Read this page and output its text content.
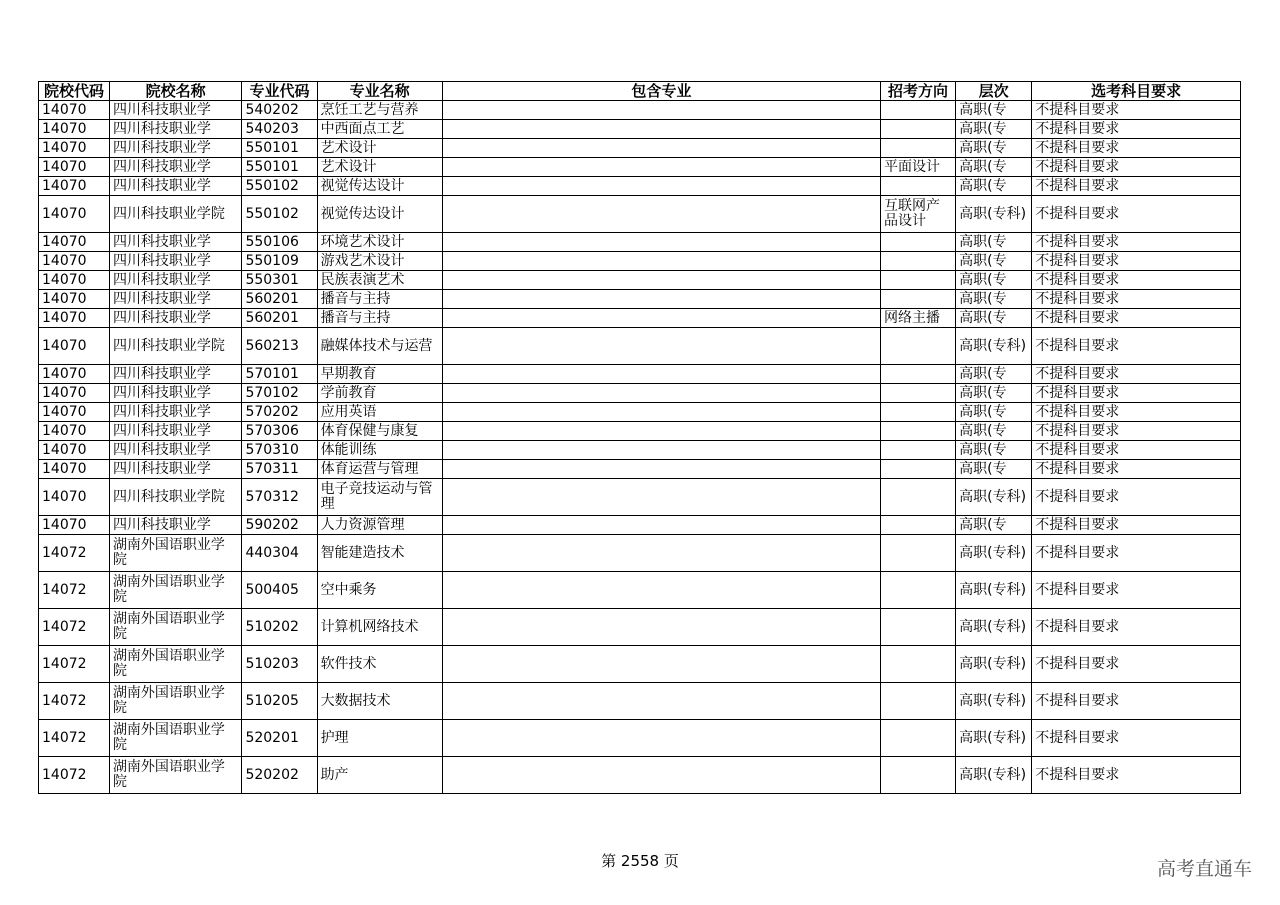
院校代码	院校名称	专业代码	专业名称	包含专业	招考方向	层次	选考科目要求
14070	四川科技职业学	540202	烹饪工艺与营养			高职(专	不提科目要求
14070	四川科技职业学	540203	中西面点工艺			高职(专	不提科目要求
14070	四川科技职业学	550101	艺术设计			高职(专	不提科目要求
14070	四川科技职业学	550101	艺术设计		平面设计	高职(专	不提科目要求
14070	四川科技职业学	550102	视觉传达设计			高职(专	不提科目要求
14070	四川科技职业学院	550102	视觉传达设计		互联网产品设计	高职(专科)	不提科目要求
14070	四川科技职业学	550106	环境艺术设计			高职(专	不提科目要求
14070	四川科技职业学	550109	游戏艺术设计			高职(专	不提科目要求
14070	四川科技职业学	550301	民族表演艺术			高职(专	不提科目要求
14070	四川科技职业学	560201	播音与主持			高职(专	不提科目要求
14070	四川科技职业学	560201	播音与主持		网络主播	高职(专	不提科目要求
14070	四川科技职业学院	560213	融媒体技术与运营			高职(专科)	不提科目要求
14070	四川科技职业学	570101	早期教育			高职(专	不提科目要求
14070	四川科技职业学	570102	学前教育			高职(专	不提科目要求
14070	四川科技职业学	570202	应用英语			高职(专	不提科目要求
14070	四川科技职业学	570306	体育保健与康复			高职(专	不提科目要求
14070	四川科技职业学	570310	体能训练			高职(专	不提科目要求
14070	四川科技职业学	570311	体育运营与管理			高职(专	不提科目要求
14070	四川科技职业学院	570312	电子竞技运动与管理			高职(专科)	不提科目要求
14070	四川科技职业学	590202	人力资源管理			高职(专	不提科目要求
14072	湖南外国语职业学院	440304	智能建造技术			高职(专科)	不提科目要求
14072	湖南外国语职业学院	500405	空中乘务			高职(专科)	不提科目要求
14072	湖南外国语职业学院	510202	计算机网络技术			高职(专科)	不提科目要求
14072	湖南外国语职业学院	510203	软件技术			高职(专科)	不提科目要求
14072	湖南外国语职业学院	510205	大数据技术			高职(专科)	不提科目要求
14072	湖南外国语职业学院	520201	护理			高职(专科)	不提科目要求
14072	湖南外国语职业学院	520202	助产			高职(专科)	不提科目要求
第 2558 页	高考直通车
